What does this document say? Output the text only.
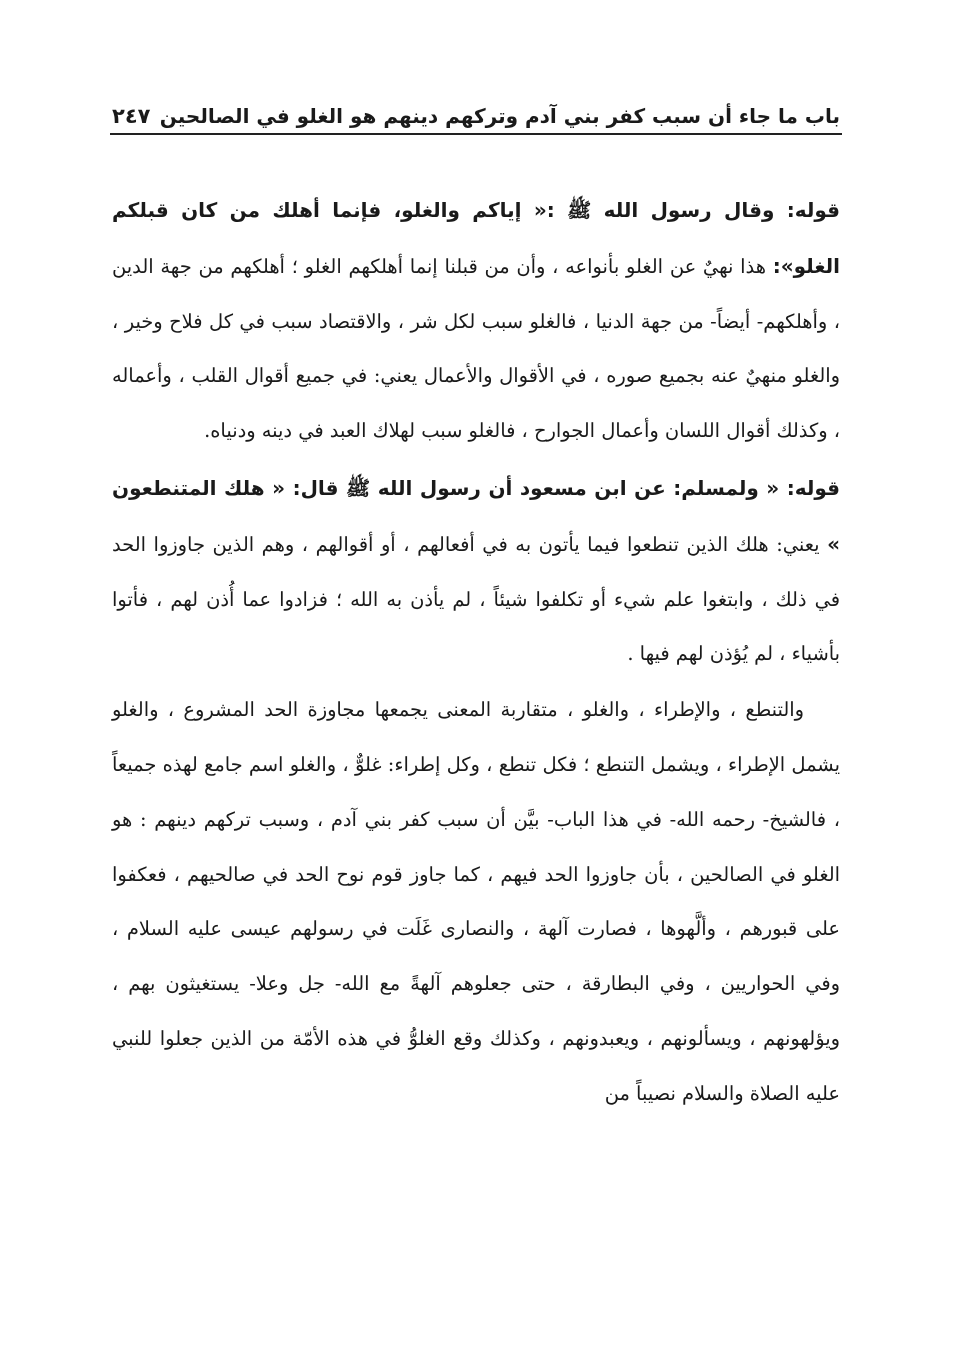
باب ما جاء أن سبب كفر بني آدم وتركهم دينهم هو الغلو في الصالحين
٢٤٧

قوله: وقال رسول الله ﷺ :« إياكم والغلو، فإنما أهلك من كان قبلكم الغلو»: هذا نهيٌ عن الغلو بأنواعه ، وأن من قبلنا إنما أهلكهم الغلو ؛ أهلكهم من جهة الدين ، وأهلكهم- أيضاً- من جهة الدنيا ، فالغلو سبب لكل شر ، والاقتصاد سبب في كل فلاح وخير ، والغلو منهيٌ عنه بجميع صوره ، في الأقوال والأعمال يعني: في جميع أقوال القلب ، وأعماله ، وكذلك أقوال اللسان وأعمال الجوارح ، فالغلو سبب لهلاك العبد في دينه ودنياه.

قوله: « ولمسلم: عن ابن مسعود أن رسول الله ﷺ قال: « هلك المتنطعون » يعني: هلك الذين تنطعوا فيما يأتون به في أفعالهم ، أو أقوالهم ، وهم الذين جاوزوا الحد في ذلك ، وابتغوا علم شيء أو تكلفوا شيئاً ، لم يأذن به الله ؛ فزادوا عما أُذن لهم ، فأتوا بأشياء ، لم يُؤذن لهم فيها .

والتنطع ، والإطراء ، والغلو ، متقاربة المعنى يجمعها مجاوزة الحد المشروع ، والغلو يشمل الإطراء ، ويشمل التنطع ؛ فكل تنطع ، وكل إطراء: غلوٌّ ، والغلو اسم جامع لهذه جميعاً ، فالشيخ- رحمه الله- في هذا الباب- بيَّن أن سبب كفر بني آدم ، وسبب تركهم دينهم : هو الغلو في الصالحين ، بأن جاوزوا الحد فيهم ، كما جاوز قوم نوح الحد في صالحيهم ، فعكفوا على قبورهم ، وألَّهوها ، فصارت آلهة ، والنصارى غَلَت في رسولهم عيسى عليه السلام ، وفي الحواريين ، وفي البطارقة ، حتى جعلوهم آلهةً مع الله- جل وعلا- يستغيثون بهم ، ويؤلهونهم ، ويسألونهم ، ويعبدونهم ، وكذلك وقع الغلوُّ في هذه الأمّة من الذين جعلوا للنبي عليه الصلاة والسلام نصيباً من
